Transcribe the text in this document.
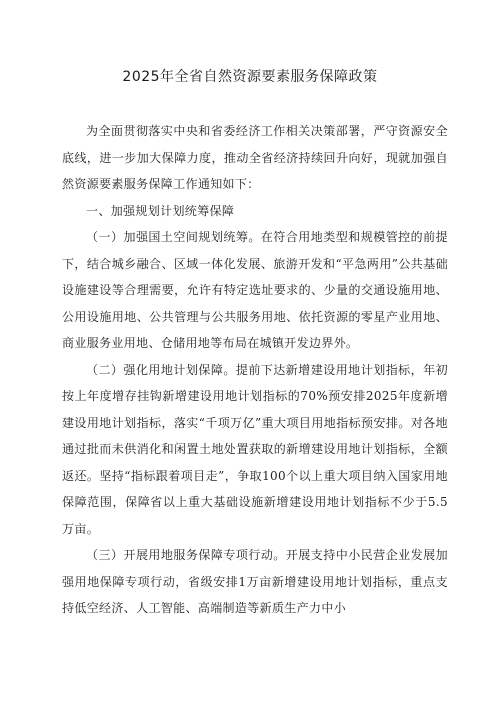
2025年全省自然资源要素服务保障政策

为全面贯彻落实中央和省委经济工作相关决策部署，严守资源安全底线，进一步加大保障力度，推动全省经济持续回升向好，现就加强自然资源要素服务保障工作通知如下：

一、加强规划计划统筹保障

（一）加强国土空间规划统筹。在符合用地类型和规模管控的前提下，结合城乡融合、区域一体化发展、旅游开发和“平急两用”公共基础设施建设等合理需要，允许有特定选址要求的、少量的交通设施用地、公用设施用地、公共管理与公共服务用地、依托资源的零星产业用地、商业服务业用地、仓储用地等布局在城镇开发边界外。

（二）强化用地计划保障。提前下达新增建设用地计划指标，年初按上年度增存挂钩新增建设用地计划指标的70%预安排2025年度新增建设用地计划指标，落实“千项万亿”重大项目用地指标预安排。对各地通过批而未供消化和闲置土地处置获取的新增建设用地计划指标，全额返还。坚持“指标跟着项目走”，争取100个以上重大项目纳入国家用地保障范围，保障省以上重大基础设施新增建设用地计划指标不少于5.5万亩。

（三）开展用地服务保障专项行动。开展支持中小民营企业发展加强用地保障专项行动，省级安排1万亩新增建设用地计划指标，重点支持低空经济、人工智能、高端制造等新质生产力中小
